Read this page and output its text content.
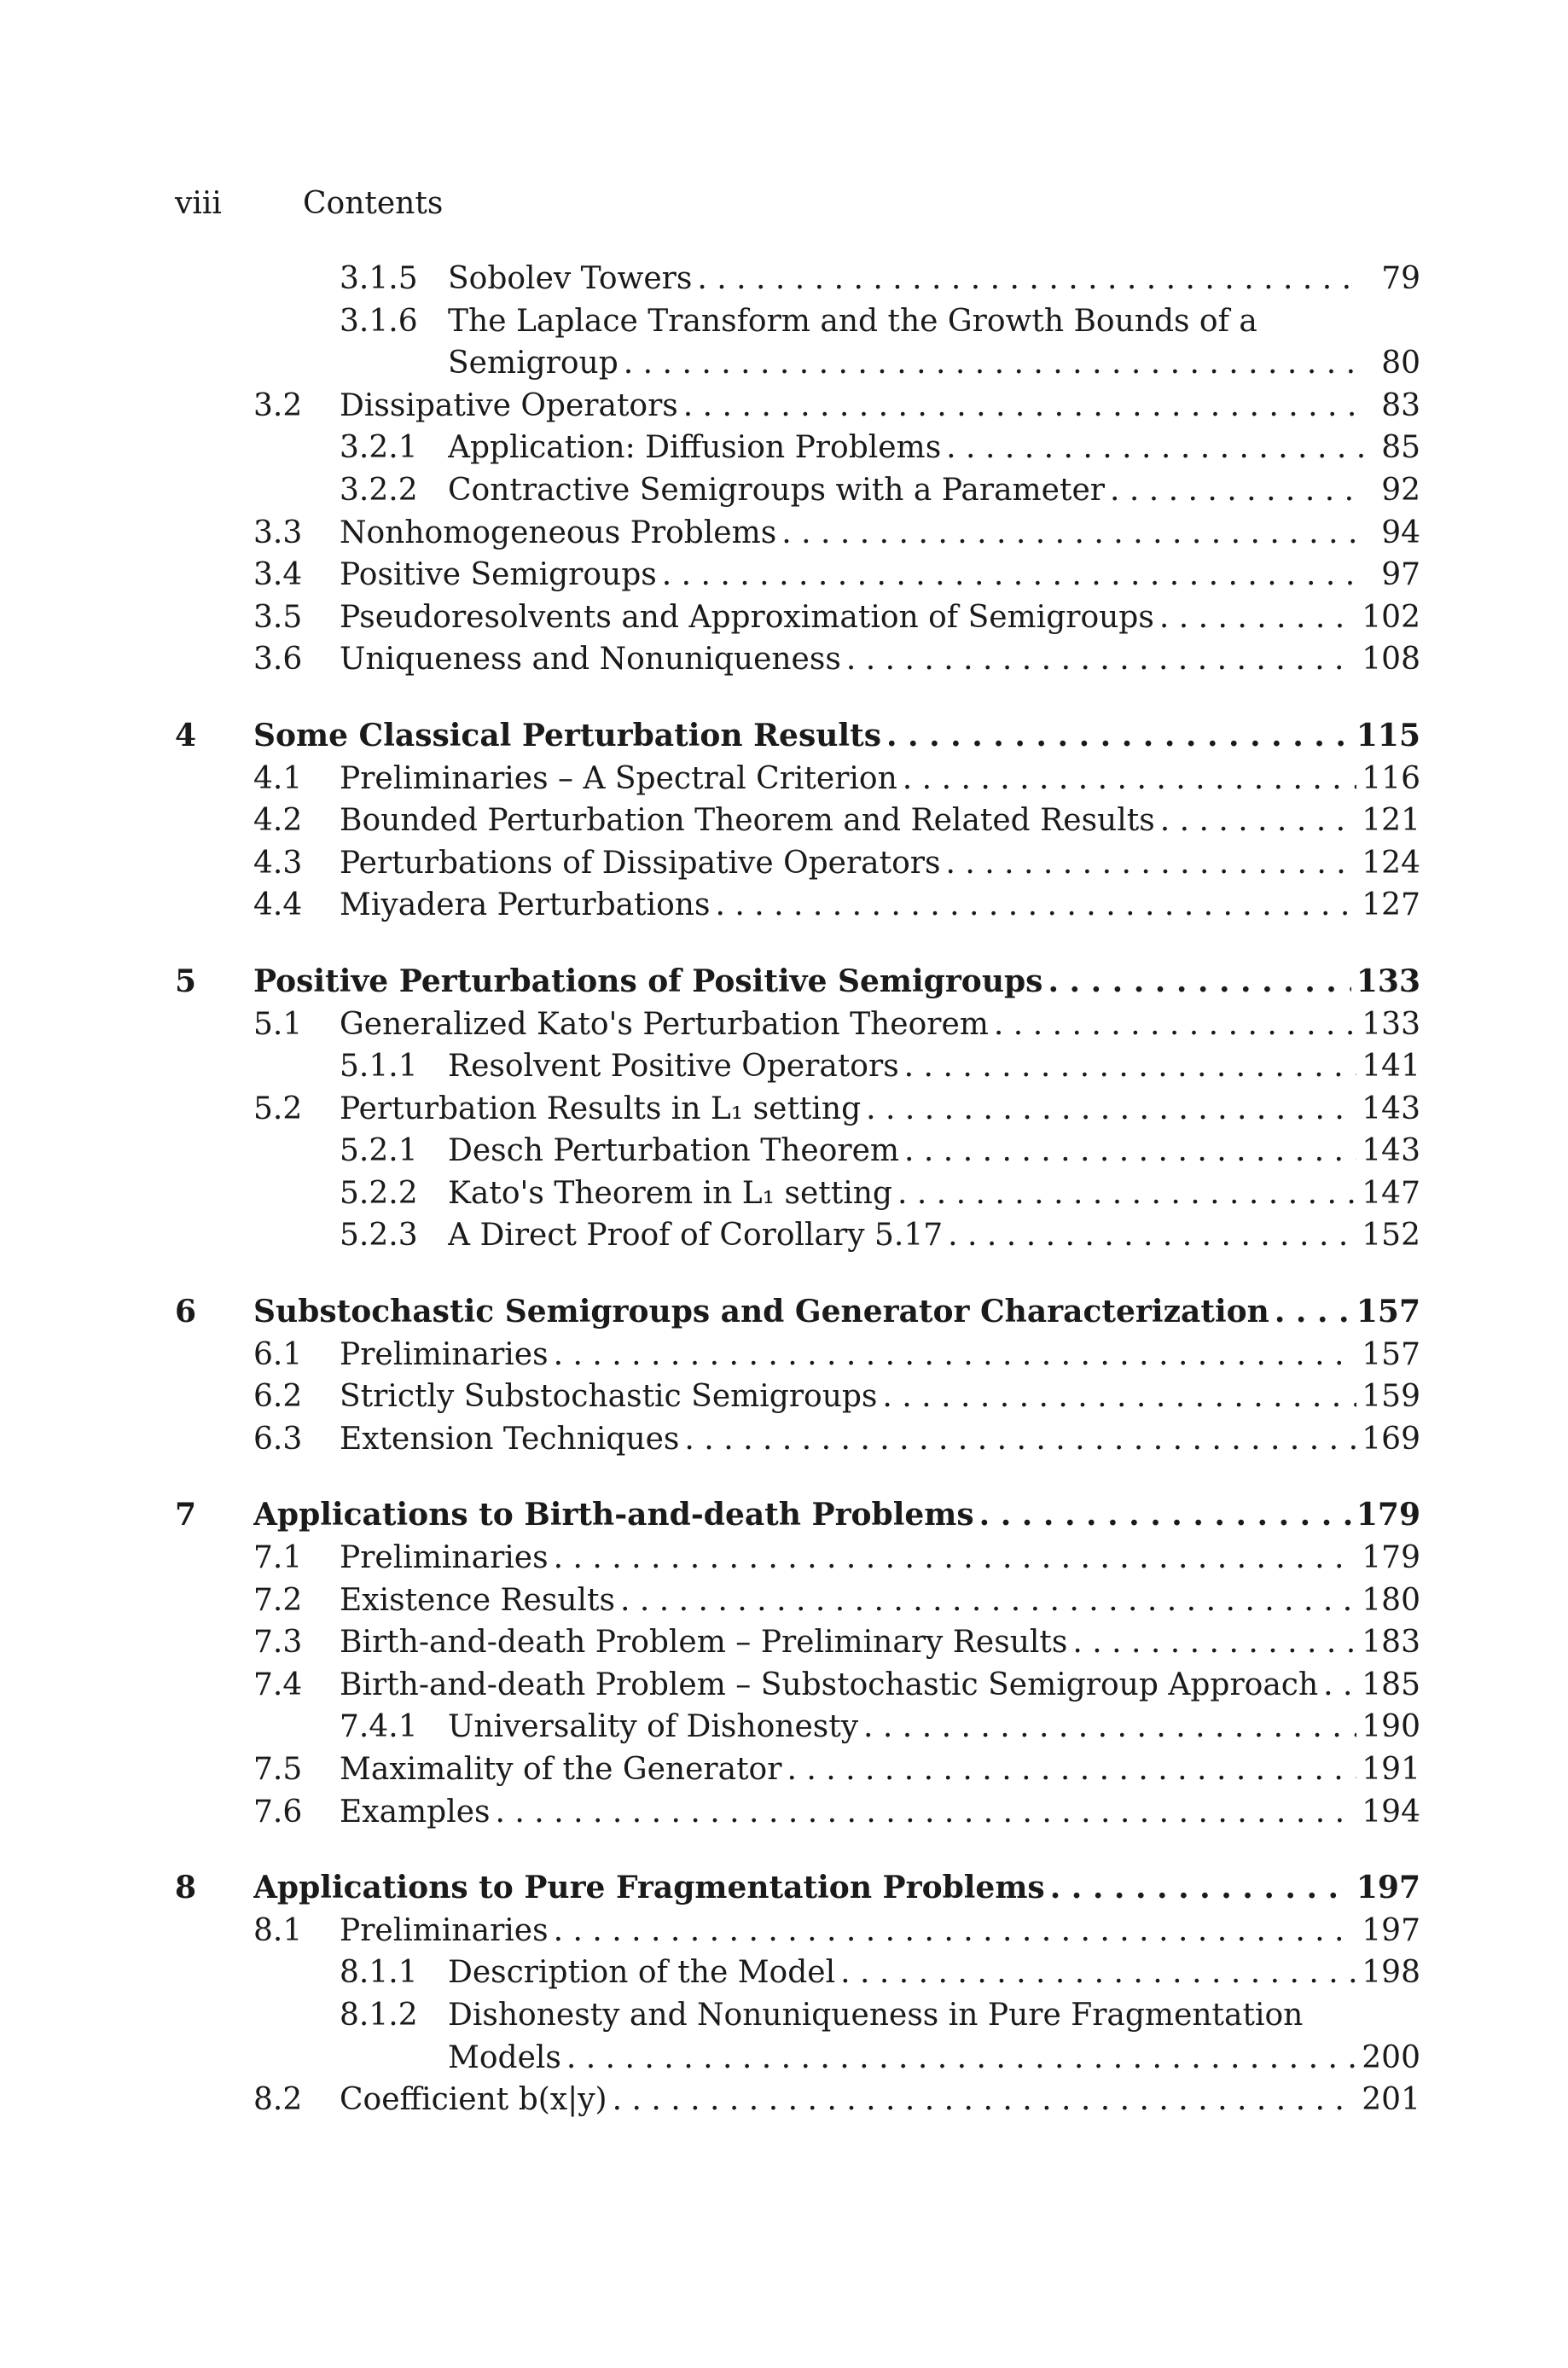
viii	Contents
3.1.5 Sobolev Towers . . .	79
3.1.6 The Laplace Transform and the Growth Bounds of a
Semigroup . . .	80
3.2 Dissipative Operators . . .	83
3.2.1 Application: Diffusion Problems . . .	85
3.2.2 Contractive Semigroups with a Parameter . . .	92
3.3 Nonhomogeneous Problems . . .	94
3.4 Positive Semigroups . . .	97
3.5 Pseudoresolvents and Approximation of Semigroups . . .	102
3.6 Uniqueness and Nonuniqueness . . .	108
4 Some Classical Perturbation Results . . .	115
4.1 Preliminaries – A Spectral Criterion . . .	116
4.2 Bounded Perturbation Theorem and Related Results . . .	121
4.3 Perturbations of Dissipative Operators . . .	124
4.4 Miyadera Perturbations . . .	127
5 Positive Perturbations of Positive Semigroups . . .	133
5.1 Generalized Kato's Perturbation Theorem . . .	133
5.1.1 Resolvent Positive Operators . . .	141
5.2 Perturbation Results in L₁ setting . . .	143
5.2.1 Desch Perturbation Theorem . . .	143
5.2.2 Kato's Theorem in L₁ setting . . .	147
5.2.3 A Direct Proof of Corollary 5.17 . . .	152
6 Substochastic Semigroups and Generator Characterization . . .	157
6.1 Preliminaries . . .	157
6.2 Strictly Substochastic Semigroups . . .	159
6.3 Extension Techniques . . .	169
7 Applications to Birth-and-death Problems . . .	179
7.1 Preliminaries . . .	179
7.2 Existence Results . . .	180
7.3 Birth-and-death Problem – Preliminary Results . . .	183
7.4 Birth-and-death Problem – Substochastic Semigroup Approach . . . 185
7.4.1 Universality of Dishonesty . . .	190
7.5 Maximality of the Generator . . .	191
7.6 Examples . . .	194
8 Applications to Pure Fragmentation Problems . . .	197
8.1 Preliminaries . . .	197
8.1.1 Description of the Model . . .	198
8.1.2 Dishonesty and Nonuniqueness in Pure Fragmentation
Models . . .	200
8.2 Coefficient b(x|y) . . .	201
